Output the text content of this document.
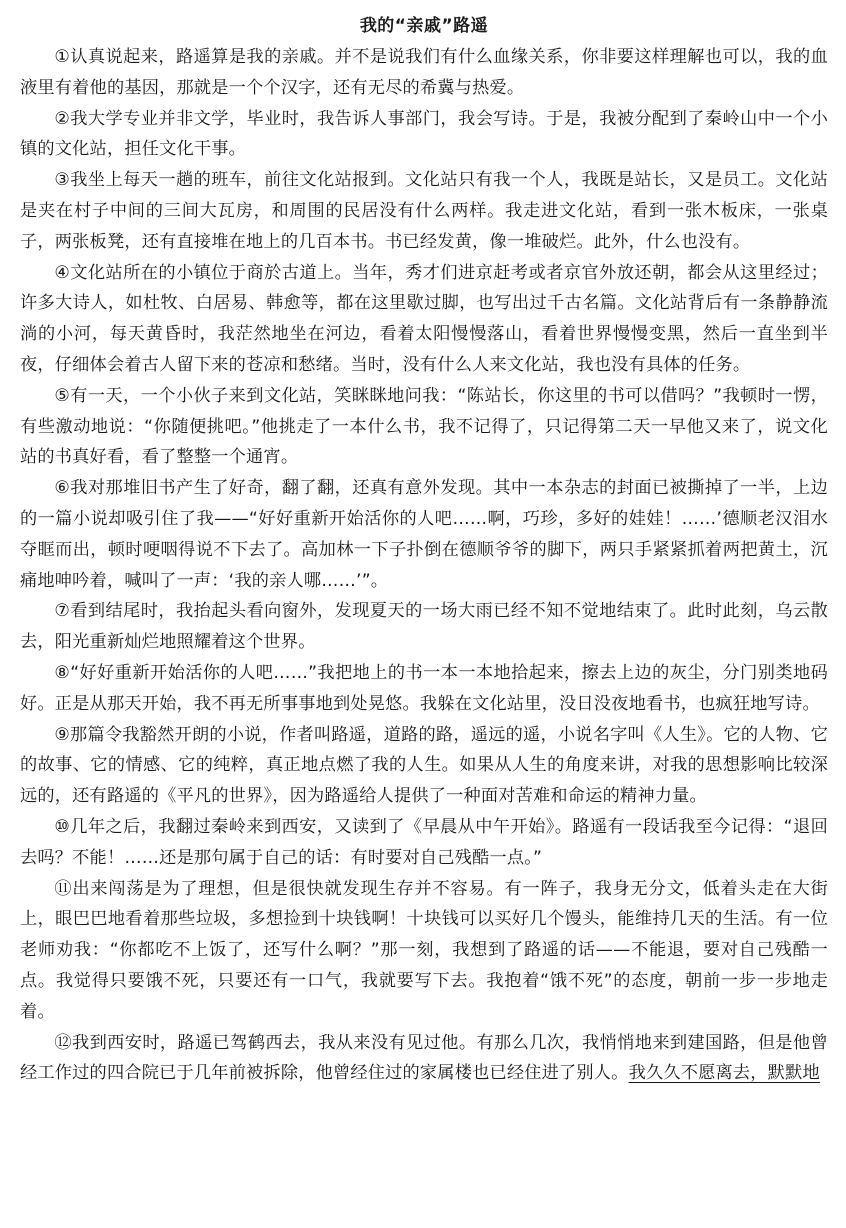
我的“亲戚”路遥

①认真说起来，路遥算是我的亲戚。并不是说我们有什么血缘关系，你非要这样理解也可以，我的血液里有着他的基因，那就是一个个汉字，还有无尽的希冀与热爱。

②我大学专业并非文学，毕业时，我告诉人事部门，我会写诗。于是，我被分配到了秦岭山中一个小镇的文化站，担任文化干事。

③我坐上每天一趟的班车，前往文化站报到。文化站只有我一个人，我既是站长，又是员工。文化站是夹在村子中间的三间大瓦房，和周围的民居没有什么两样。我走进文化站，看到一张木板床，一张桌子，两张板凳，还有直接堆在地上的几百本书。书已经发黄，像一堆破烂。此外，什么也没有。

④文化站所在的小镇位于商於古道上。当年，秀才们进京赶考或者京官外放还朝，都会从这里经过；许多大诗人，如杜牧、白居易、韩愈等，都在这里歇过脚，也写出过千古名篇。文化站背后有一条静静流淌的小河，每天黄昏时，我茫然地坐在河边，看着太阳慢慢落山，看着世界慢慢变黑，然后一直坐到半夜，仔细体会着古人留下来的苍凉和愁绪。当时，没有什么人来文化站，我也没有具体的任务。

⑤有一天，一个小伙子来到文化站，笑眯眯地问我：“陈站长，你这里的书可以借吗？”我顿时一愣，有些激动地说：“你随便挑吧。”他挑走了一本什么书，我不记得了，只记得第二天一早他又来了，说文化站的书真好看，看了整整一个通宵。

⑥我对那堆旧书产生了好奇，翻了翻，还真有意外发现。其中一本杂志的封面已被撕掉了一半，上边的一篇小说却吸引住了我——“好好重新开始活你的人吧……啊，巧珍，多好的娃娃！……’德顺老汉泪水夺眶而出，顿时哽咽得说不下去了。高加林一下子扑倒在德顺爷爷的脚下，两只手紧紧抓着两把黄土，沉痛地呻吟着，喊叫了一声：‘我的亲人哪……’”。

⑦看到结尾时，我抬起头看向窗外，发现夏天的一场大雨已经不知不觉地结束了。此时此刻，乌云散去，阳光重新灿烂地照耀着这个世界。

⑧“好好重新开始活你的人吧……”我把地上的书一本一本地拾起来，擦去上边的灰尘，分门别类地码好。正是从那天开始，我不再无所事事地到处晃悠。我躲在文化站里，没日没夜地看书，也疯狂地写诗。

⑨那篇令我豁然开朗的小说，作者叫路遥，道路的路，遥远的遥，小说名字叫《人生》。它的人物、它的故事、它的情感、它的纯粹，真正地点燃了我的人生。如果从人生的角度来讲，对我的思想影响比较深远的，还有路遥的《平凡的世界》，因为路遥给人提供了一种面对苦难和命运的精神力量。

⑩几年之后，我翻过秦岭来到西安，又读到了《早晨从中午开始》。路遥有一段话我至今记得：“退回去吗？不能！……还是那句属于自己的话：有时要对自己残酷一点。”

⑪出来闯荡是为了理想，但是很快就发现生存并不容易。有一阵子，我身无分文，低着头走在大街上，眼巴巴地看着那些垃圾，多想捡到十块钱啊！十块钱可以买好几个馒头，能维持几天的生活。有一位老师劝我：“你都吃不上饭了，还写什么啊？”那一刻，我想到了路遥的话——不能退，要对自己残酷一点。我觉得只要饿不死，只要还有一口气，我就要写下去。我抱着“饿不死”的态度，朝前一步一步地走着。

⑫我到西安时，路遥已驾鹤西去，我从来没有见过他。有那么几次，我悄悄地来到建国路，但是他曾经工作过的四合院已于几年前被拆除，他曾经住过的家属楼也已经住进了别人。我久久不愿离去，默默地
